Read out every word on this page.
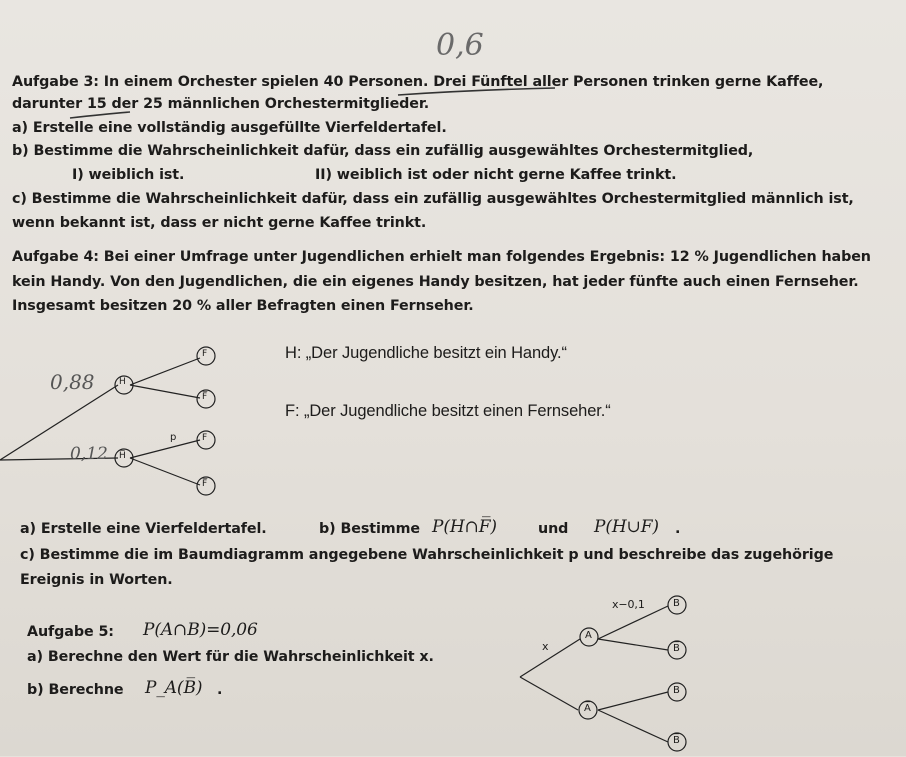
0,6
Aufgabe 3: In einem Orchester spielen 40 Personen. Drei Fünftel aller Personen trinken gerne Kaffee,
darunter 15 der 25 männlichen Orchestermitglieder.
a) Erstelle eine vollständig ausgefüllte Vierfeldertafel.
b) Bestimme die Wahrscheinlichkeit dafür, dass ein zufällig ausgewähltes Orchestermitglied,
I) weiblich ist.	II) weiblich ist oder nicht gerne Kaffee trinkt.
c) Bestimme die Wahrscheinlichkeit dafür, dass ein zufällig ausgewähltes Orchestermitglied männlich ist,
wenn bekannt ist, dass er nicht gerne Kaffee trinkt.
Aufgabe 4: Bei einer Umfrage unter Jugendlichen erhielt man folgendes Ergebnis: 12 % Jugendlichen haben
kein Handy. Von den Jugendlichen, die ein eigenes Handy besitzen, hat jeder fünfte auch einen Fernseher.
Insgesamt besitzen 20 % aller Befragten einen Fernseher.
H: „Der Jugendliche besitzt ein Handy.“
F: „Der Jugendliche besitzt einen Fernseher.“
H
H̅
F
F̅
F
F̅
0,88
0,12
p
a) Erstelle eine Vierfeldertafel.	b) Bestimme P(H∩F̅)	und P(H∪F) .
c) Bestimme die im Baumdiagramm angegebene Wahrscheinlichkeit p und beschreibe das zugehörige
Ereignis in Worten.
Aufgabe 5: P(A∩B)=0,06
a) Berechne den Wert für die Wahrscheinlichkeit x.
b) Berechne P_A(B̅) .
x
x−0,1
A
A̅
B
B̅
B
B̅
